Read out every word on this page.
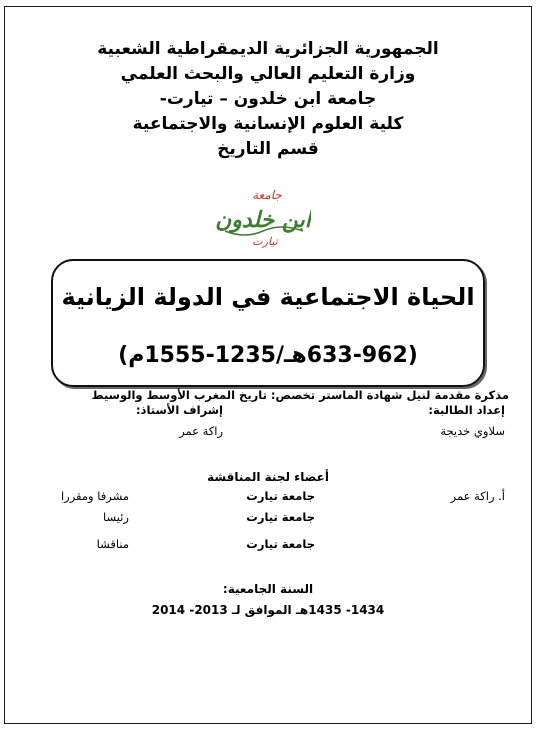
الجمهورية الجزائرية الديمقراطية الشعبية
وزارة التعليم العالي والبحث العلمي
جامعة ابن خلدون – تيارت-
كلية العلوم الإنسانية والاجتماعية
قسم التاريخ
جامعة
ابن خلدون
تيارت
الحياة الاجتماعية في الدولة الزيانية
(633-962هـ/1235-1555م)
مذكرة مقدمة لنيل شهادة الماستر تخصص: تاريخ المغرب الأوسط والوسيط
إعداد الطالبة:
إشراف الأستاذ:
سلاوي خديجة
راكة عمر
أعضاء لجنة المناقشة
أ. راكة عمر
جامعة تيارت
مشرفا ومقررا
جامعة تيارت
رئيسا
جامعة تيارت
مناقشا
السنة الجامعية:
1434- 1435هـ الموافق لـ 2013- 2014
